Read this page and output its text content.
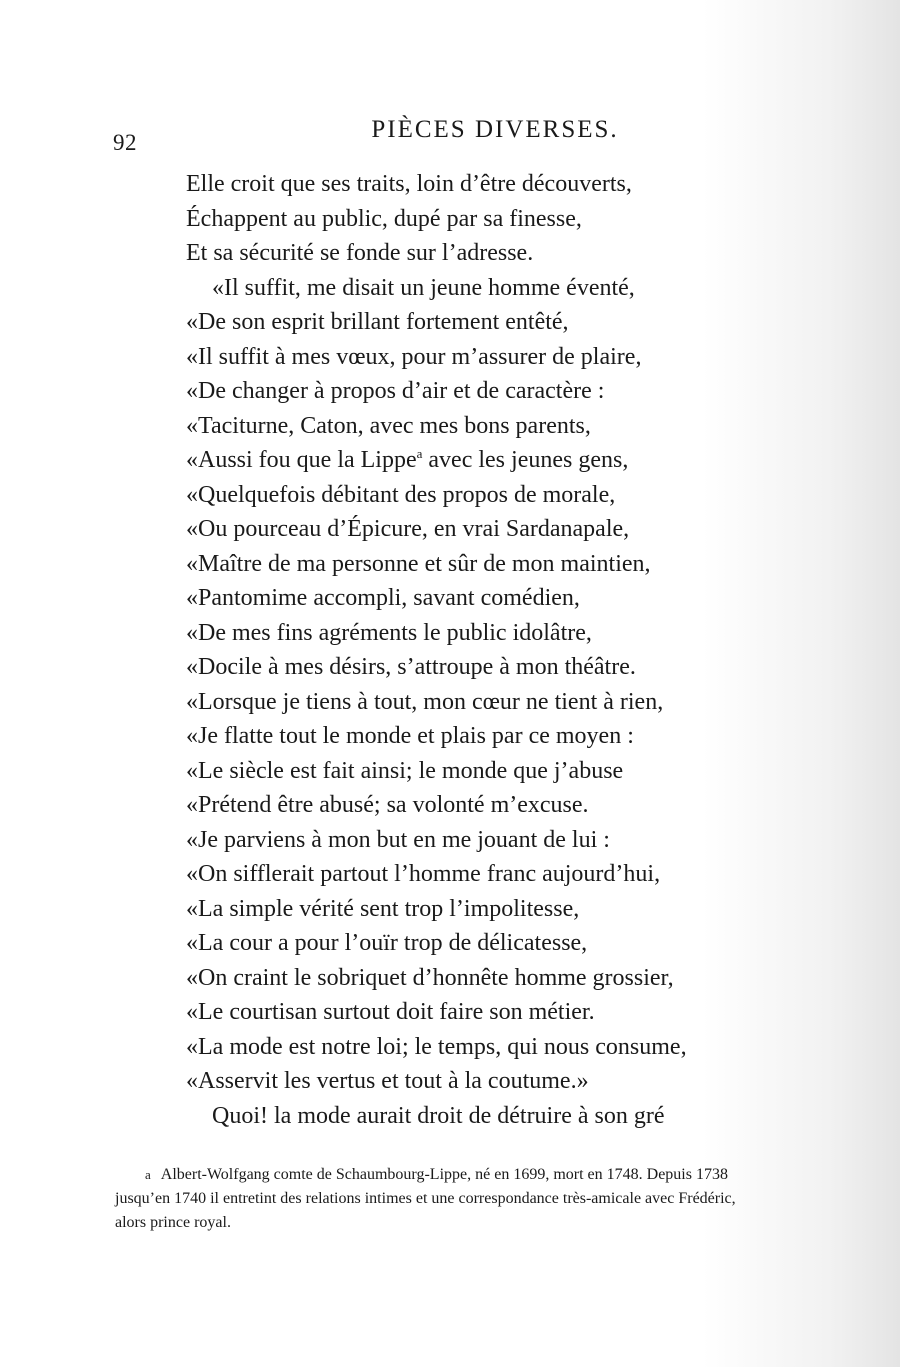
92	PIÈCES DIVERSES.
Elle croit que ses traits, loin d’être découverts,
Échappent au public, dupé par sa finesse,
Et sa sécurité se fonde sur l’adresse.
«Il suffit, me disait un jeune homme éventé,
«De son esprit brillant fortement entêté,
«Il suffit à mes vœux, pour m’assurer de plaire,
«De changer à propos d’air et de caractère :
«Taciturne, Caton, avec mes bons parents,
«Aussi fou que la Lippe$^a$ avec les jeunes gens,
«Quelquefois débitant des propos de morale,
«Ou pourceau d’Épicure, en vrai Sardanapale,
«Maître de ma personne et sûr de mon maintien,
«Pantomime accompli, savant comédien,
«De mes fins agréments le public idolâtre,
«Docile à mes désirs, s’attroupe à mon théâtre.
«Lorsque je tiens à tout, mon cœur ne tient à rien,
«Je flatte tout le monde et plais par ce moyen :
«Le siècle est fait ainsi; le monde que j’abuse
«Prétend être abusé; sa volonté m’excuse.
«Je parviens à mon but en me jouant de lui :
«On sifflerait partout l’homme franc aujourd’hui,
«La simple vérité sent trop l’impolitesse,
«La cour a pour l’ouïr trop de délicatesse,
«On craint le sobriquet d’honnête homme grossier,
«Le courtisan surtout doit faire son métier.
«La mode est notre loi; le temps, qui nous consume,
«Asservit les vertus et tout à la coutume.»
Quoi! la mode aurait droit de détruire à son gré
a Albert-Wolfgang comte de Schaumbourg-Lippe, né en 1699, mort en 1748. Depuis 1738
jusqu’en 1740 il entretint des relations intimes et une correspondance très-amicale avec Frédéric,
alors prince royal.
